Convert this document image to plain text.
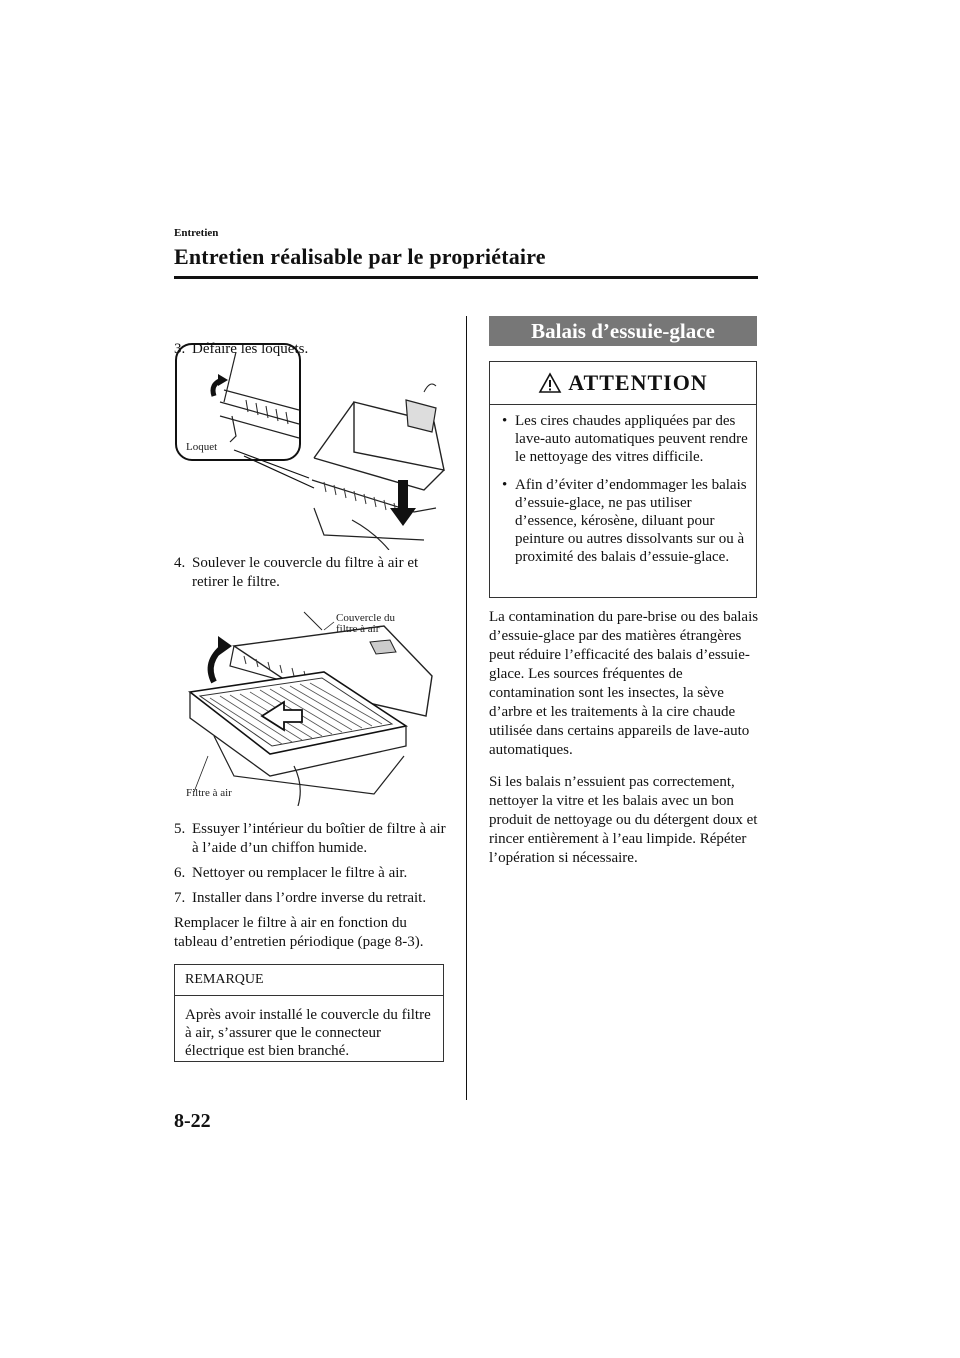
Entretien
Entretien réalisable par le propriétaire
3. Défaire les loquets.
Loquet
4. Soulever le couvercle du filtre à air et retirer le filtre.
Couvercle du
filtre à air
Filtre à air
5. Essuyer l’intérieur du boîtier de filtre à air à l’aide d’un chiffon humide.
6. Nettoyer ou remplacer le filtre à air.
7. Installer dans l’ordre inverse du retrait.
Remplacer le filtre à air en fonction du tableau d’entretien périodique (page 8-3).
REMARQUE
Après avoir installé le couvercle du filtre à air, s’assurer que le connecteur électrique est bien branché.
Balais d’essuie-glace
ATTENTION
• Les cires chaudes appliquées par des lave-auto automatiques peuvent rendre le nettoyage des vitres difficile.
• Afin d’éviter d’endommager les balais d’essuie-glace, ne pas utiliser d’essence, kérosène, diluant pour peinture ou autres dissolvants sur ou à proximité des balais d’essuie-glace.
La contamination du pare-brise ou des balais d’essuie-glace par des matières étrangères peut réduire l’efficacité des balais d’essuie-glace. Les sources fréquentes de contamination sont les insectes, la sève d’arbre et les traitements à la cire chaude utilisée dans certains appareils de lave-auto automatiques.
Si les balais n’essuient pas correctement, nettoyer la vitre et les balais avec un bon produit de nettoyage ou du détergent doux et rincer entièrement à l’eau limpide. Répéter l’opération si nécessaire.
8-22
